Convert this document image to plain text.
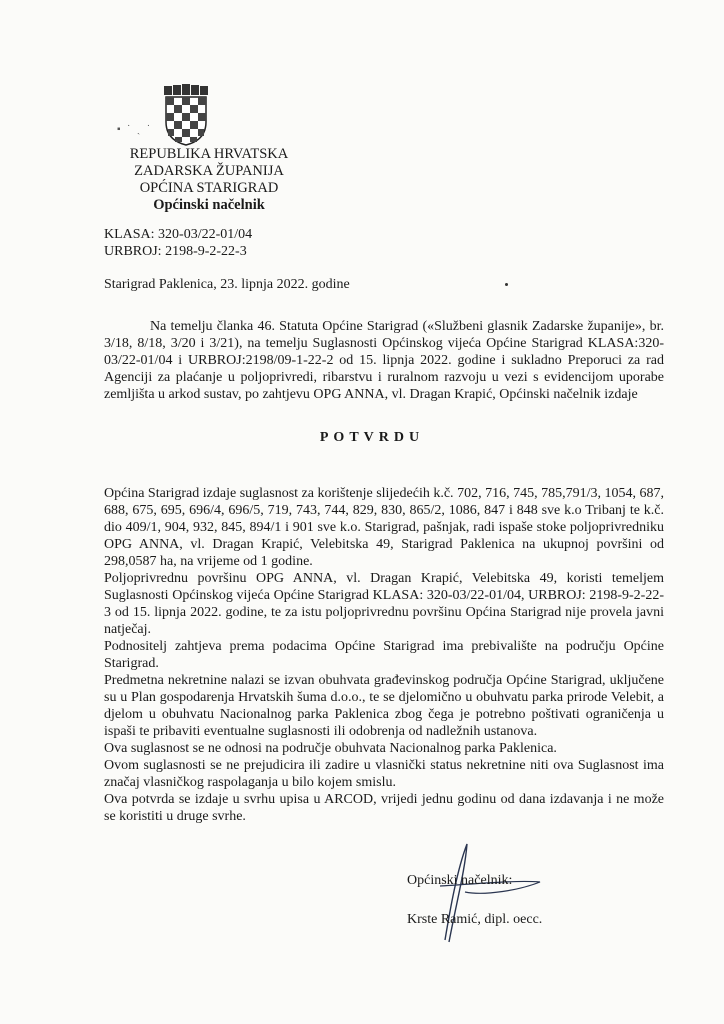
▪ ˙ ˎ ˙
REPUBLIKA HRVATSKA
ZADARSKA ŽUPANIJA
OPĆINA STARIGRAD
Općinski načelnik
KLASA: 320-03/22-01/04
URBROJ: 2198-9-2-22-3
Starigrad Paklenica, 23. lipnja 2022. godine
Na temelju članka 46. Statuta Općine Starigrad («Službeni glasnik Zadarske županije», br. 3/18, 8/18, 3/20 i 3/21), na temelju Suglasnosti Općinskog vijeća Općine Starigrad KLASA:320-03/22-01/04 i URBROJ:2198/09-1-22-2 od 15. lipnja 2022. godine i sukladno Preporuci za rad Agenciji za plaćanje u poljoprivredi, ribarstvu i ruralnom razvoju u vezi s evidencijom uporabe zemljišta u arkod sustav, po zahtjevu OPG ANNA, vl. Dragan Krapić, Općinski načelnik izdaje
POTVRDU

Općina Starigrad izdaje suglasnost za korištenje slijedećih k.č. 702, 716, 745, 785,791/3, 1054, 687, 688, 675, 695, 696/4, 696/5, 719, 743, 744, 829, 830, 865/2, 1086, 847 i 848 sve k.o Tribanj te k.č. dio 409/1, 904, 932, 845, 894/1 i 901 sve k.o. Starigrad, pašnjak, radi ispaše stoke poljoprivredniku OPG ANNA, vl. Dragan Krapić, Velebitska 49, Starigrad Paklenica na ukupnoj površini od 298,0587 ha, na vrijeme od 1 godine.

Poljoprivrednu površinu OPG ANNA, vl. Dragan Krapić, Velebitska 49, koristi temeljem Suglasnosti Općinskog vijeća Općine Starigrad KLASA: 320-03/22-01/04, URBROJ: 2198-9-2-22-3 od 15. lipnja 2022. godine, te za istu poljoprivrednu površinu Općina Starigrad nije provela javni natječaj.

Podnositelj zahtjeva prema podacima Općine Starigrad ima prebivalište na području Općine Starigrad.

Predmetna nekretnine nalazi se izvan obuhvata građevinskog područja Općine Starigrad, uključene su u Plan gospodarenja Hrvatskih šuma d.o.o., te se djelomično u obuhvatu parka prirode Velebit, a djelom u obuhvatu Nacionalnog parka Paklenica zbog čega je potrebno poštivati ograničenja u ispaši te pribaviti eventualne suglasnosti ili odobrenja od nadležnih ustanova.

Ova suglasnost se ne odnosi na područje obuhvata Nacionalnog parka Paklenica.

Ovom suglasnosti se ne prejudicira ili zadire u vlasnički status nekretnine niti ova Suglasnost ima značaj vlasničkog raspolaganja u bilo kojem smislu.

Ova potvrda se izdaje u svrhu upisa u ARCOD, vrijedi jednu godinu od dana izdavanja i ne može se koristiti u druge svrhe.

Općinski načelnik:
Krste Ramić, dipl. oecc.
